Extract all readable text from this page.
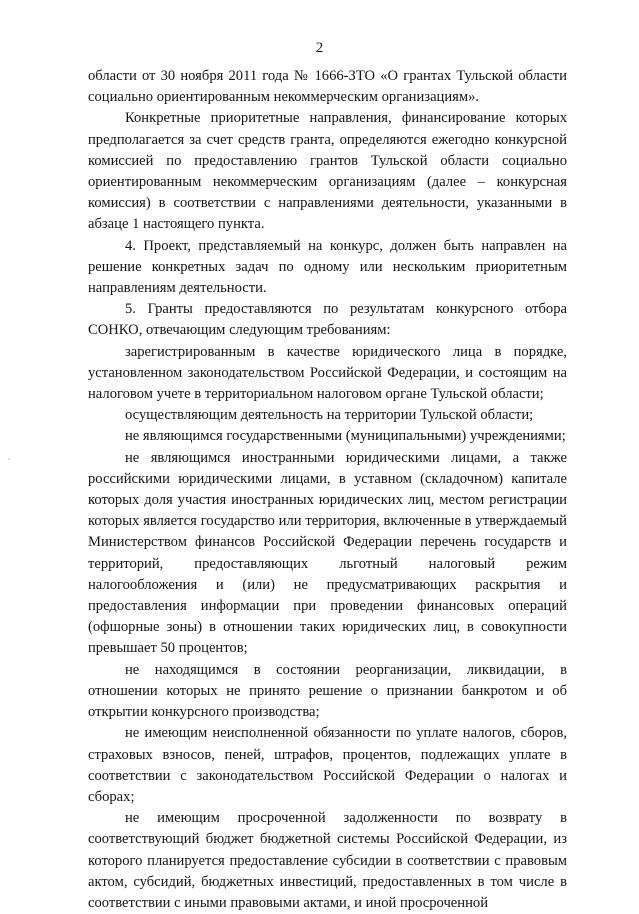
2

области от 30 ноября 2011 года № 1666-ЗТО «О грантах Тульской области социально ориентированным некоммерческим организациям».

Конкретные приоритетные направления, финансирование которых предполагается за счет средств гранта, определяются ежегодно конкурсной комиссией по предоставлению грантов Тульской области социально ориентированным некоммерческим организациям (далее – конкурсная комиссия) в соответствии с направлениями деятельности, указанными в абзаце 1 настоящего пункта.

4. Проект, представляемый на конкурс, должен быть направлен на решение конкретных задач по одному или нескольким приоритетным направлениям деятельности.

5. Гранты предоставляются по результатам конкурсного отбора СОНКО, отвечающим следующим требованиям:

зарегистрированным в качестве юридического лица в порядке, установленном законодательством Российской Федерации, и состоящим на налоговом учете в территориальном налоговом органе Тульской области;

осуществляющим деятельность на территории Тульской области;

не являющимся государственными (муниципальными) учреждениями;

не являющимся иностранными юридическими лицами, а также российскими юридическими лицами, в уставном (складочном) капитале которых доля участия иностранных юридических лиц, местом регистрации которых является государство или территория, включенные в утверждаемый Министерством финансов Российской Федерации перечень государств и территорий, предоставляющих льготный налоговый режим налогообложения и (или) не предусматривающих раскрытия и предоставления информации при проведении финансовых операций (офшорные зоны) в отношении таких юридических лиц, в совокупности превышает 50 процентов;

не находящимся в состоянии реорганизации, ликвидации, в отношении которых не принято решение о признании банкротом и об открытии конкурсного производства;

не имеющим неисполненной обязанности по уплате налогов, сборов, страховых взносов, пеней, штрафов, процентов, подлежащих уплате в соответствии с законодательством Российской Федерации о налогах и сборах;

не имеющим просроченной задолженности по возврату в соответствующий бюджет бюджетной системы Российской Федерации, из которого планируется предоставление субсидии в соответствии с правовым актом, субсидий, бюджетных инвестиций, предоставленных в том числе в соответствии с иными правовыми актами, и иной просроченной
